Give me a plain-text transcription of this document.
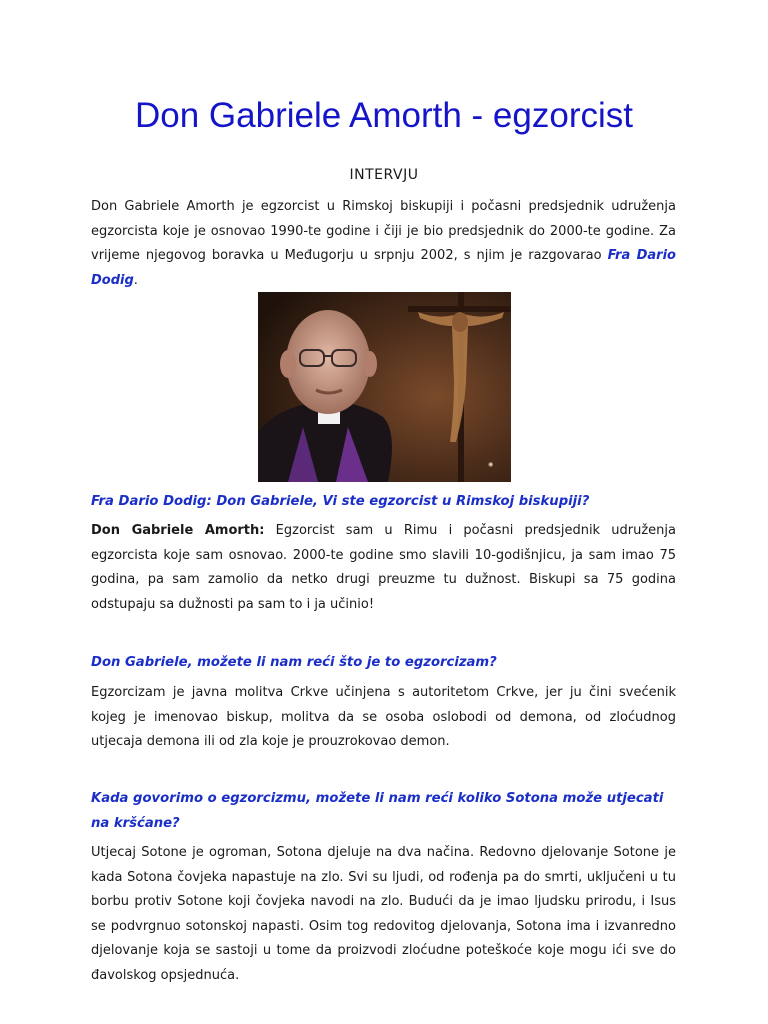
Don Gabriele Amorth - egzorcist

INTERVJU

Don Gabriele Amorth je egzorcist u Rimskoj biskupiji i počasni predsjednik udruženja egzorcista koje je osnovao 1990-te godine i čiji je bio predsjednik do 2000-te godine. Za vrijeme njegovog boravka u Međugorju u srpnju 2002, s njim je razgovarao Fra Dario Dodig.

◉

Fra Dario Dodig: Don Gabriele, Vi ste egzorcist u Rimskoj biskupiji?

Don Gabriele Amorth: Egzorcist sam u Rimu i počasni predsjednik udruženja egzorcista koje sam osnovao. 2000-te godine smo slavili 10-godišnjicu, ja sam imao 75 godina, pa sam zamolio da netko drugi preuzme tu dužnost. Biskupi sa 75 godina odstupaju sa dužnosti pa sam to i ja učinio!

Don Gabriele, možete li nam reći što je to egzorcizam?

Egzorcizam je javna molitva Crkve učinjena s autoritetom Crkve, jer ju čini svećenik kojeg je imenovao biskup, molitva da se osoba oslobodi od demona, od zloćudnog utjecaja demona ili od zla koje je prouzrokovao demon.

Kada govorimo o egzorcizmu, možete li nam reći koliko Sotona može utjecati na kršćane?

Utjecaj Sotone je ogroman, Sotona djeluje na dva načina. Redovno djelovanje Sotone je kada Sotona čovjeka napastuje na zlo. Svi su ljudi, od rođenja pa do smrti, uključeni u tu borbu protiv Sotone koji čovjeka navodi na zlo. Budući da je imao ljudsku prirodu, i Isus se podvrgnuo sotonskoj napasti. Osim tog redovitog djelovanja, Sotona ima i izvanredno djelovanje koja se sastoji u tome da proizvodi zloćudne poteškoće koje mogu ići sve do đavolskog opsjednuća.
